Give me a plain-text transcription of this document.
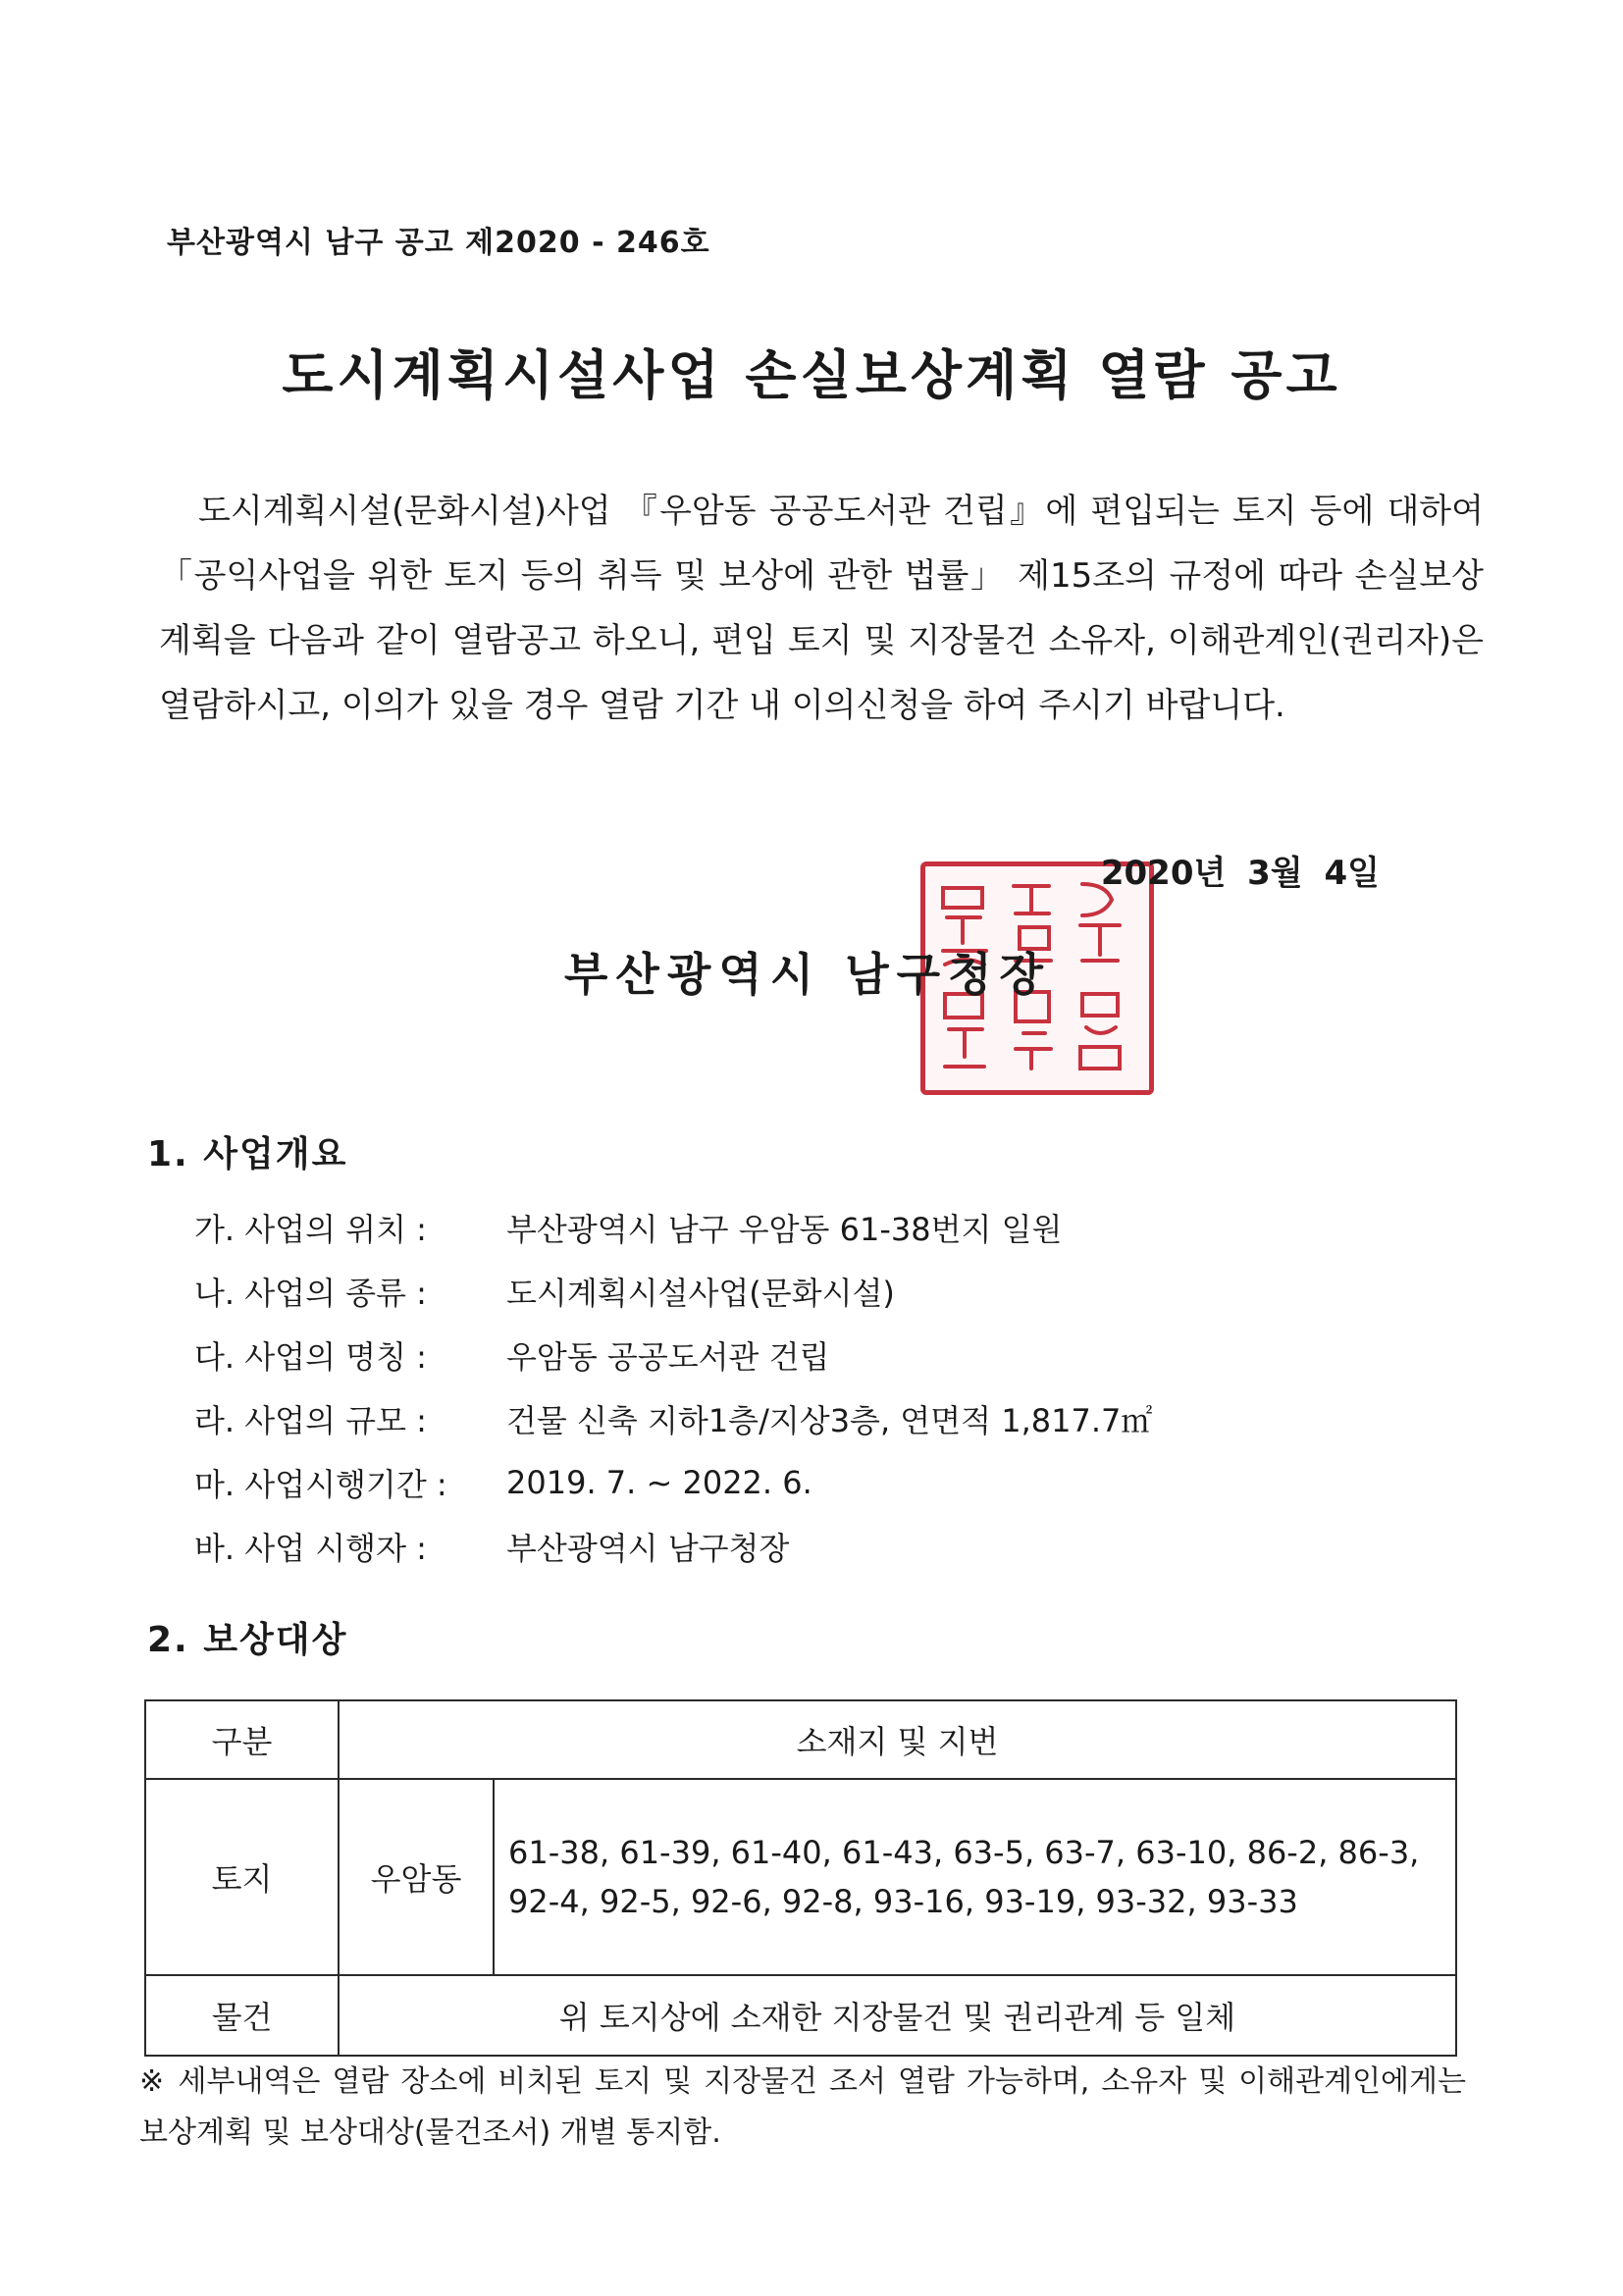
부산광역시 남구 공고 제2020 - 246호
도시계획시설사업 손실보상계획 열람 공고

도시계획시설(문화시설)사업 『우암동 공공도서관 건립』에 편입되는 토지 등에 대하여 「공익사업을 위한 토지 등의 취득 및 보상에 관한 법률」 제15조의 규정에 따라 손실보상계획을 다음과 같이 열람공고 하오니, 편입 토지 및 지장물건 소유자, 이해관계인(권리자)은 열람하시고, 이의가 있을 경우 열람 기간 내 이의신청을 하여 주시기 바랍니다.

2020년 3월 4일
부산광역시 남구청장
1. 사업개요
가. 사업의 위치 :	부산광역시 남구 우암동 61-38번지 일원
나. 사업의 종류 :	도시계획시설사업(문화시설)
다. 사업의 명칭 :	우암동 공공도서관 건립
라. 사업의 규모 :	건물 신축 지하1층/지상3층, 연면적 1,817.7㎡
마. 사업시행기간 :	2019. 7. ~ 2022. 6.
바. 사업 시행자 :	부산광역시 남구청장
2. 보상대상
구분	소재지 및 지번	
토지	우암동	61-38, 61-39, 61-40, 61-43, 63-5, 63-7, 63-10, 86-2, 86-3, 92-4, 92-5, 92-6, 92-8, 93-16, 93-19, 93-32, 93-33
물건	위 토지상에 소재한 지장물건 및 권리관계 등 일체	
※ 세부내역은 열람 장소에 비치된 토지 및 지장물건 조서 열람 가능하며, 소유자 및 이해관계인에게는 보상계획 및 보상대상(물건조서) 개별 통지함.
